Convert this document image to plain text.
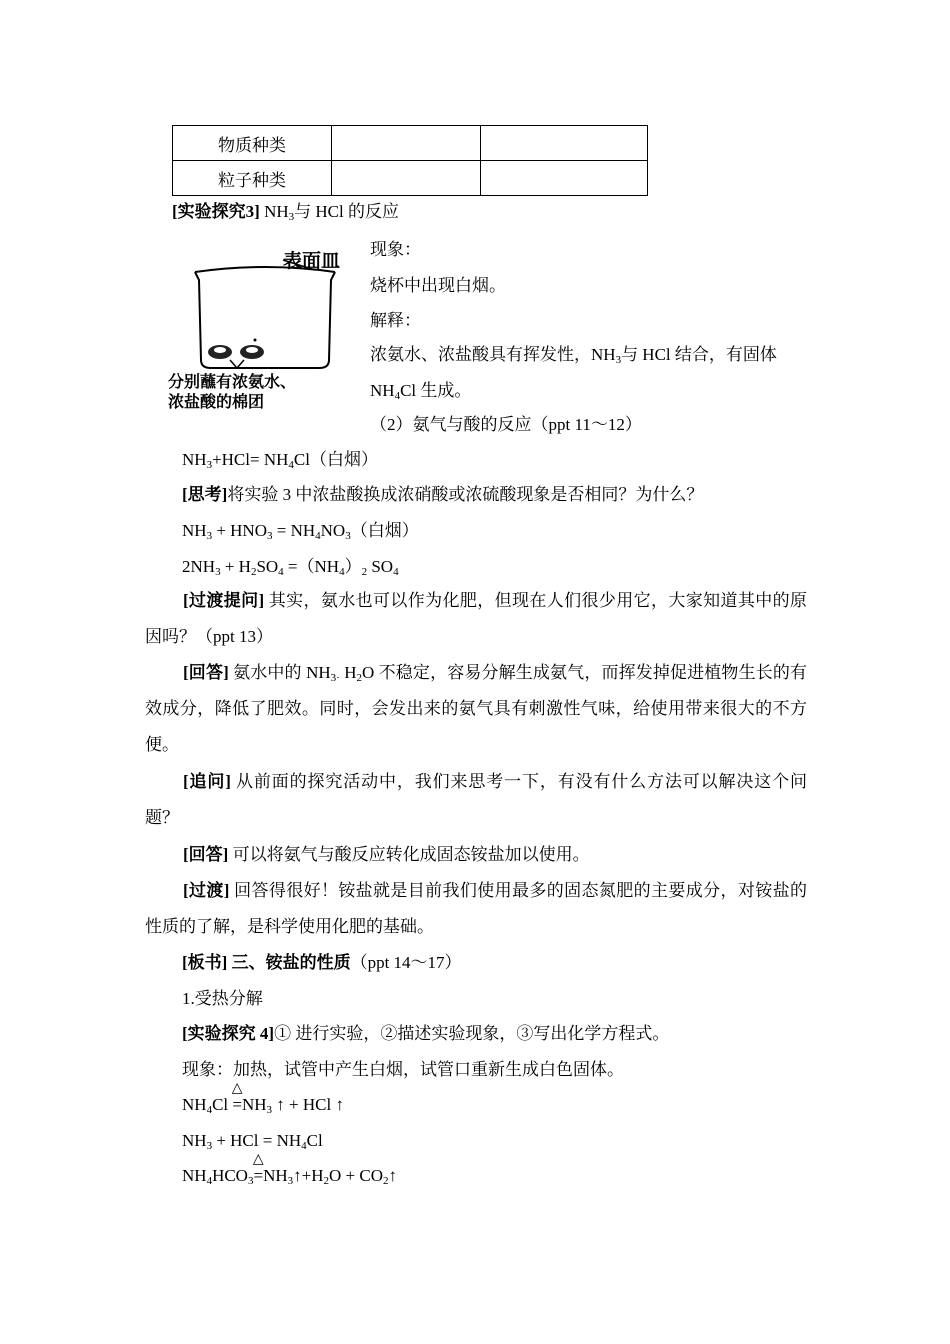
物质种类		
粒子种类		
[实验探究3] $NH_3$与 HCl 的反应
表面皿
分别蘸有浓氨水、
浓盐酸的棉团
现象：
烧杯中出现白烟。
解释：
浓氨水、浓盐酸具有挥发性，$NH_3$与 HCl 结合，有固体
$NH_4Cl$ 生成。
（2）氨气与酸的反应（ppt 11～12）
$NH_3+HCl= NH_4Cl$（白烟）
[思考]将实验 3 中浓盐酸换成浓硝酸或浓硫酸现象是否相同？为什么？
$NH_3 + HNO_3 = NH_4NO_3$（白烟）
$2NH_3 + H_2SO_4 =(NH_4)_2$ $SO_4$
[过渡提问] 其实，氨水也可以作为化肥，但现在人们很少用它，大家知道其中的原因吗？（ppt 13）
[回答] 氨水中的 $NH_{3\cdot}$ $H_2O$ 不稳定，容易分解生成氨气，而挥发掉促进植物生长的有效成分，降低了肥效。同时，会发出来的氨气具有刺激性气味，给使用带来很大的不方便。
[追问] 从前面的探究活动中，我们来思考一下，有没有什么方法可以解决这个问题？
[回答] 可以将氨气与酸反应转化成固态铵盐加以使用。
[过渡] 回答得很好！铵盐就是目前我们使用最多的固态氮肥的主要成分，对铵盐的性质的了解，是科学使用化肥的基础。
[板书] 三、铵盐的性质（ppt 14～17）
1.受热分解
[实验探究 4]① 进行实验，②描述实验现象，③写出化学方程式。
现象：加热，试管中产生白烟，试管口重新生成白色固体。
$NH_4Cl$
△
$=NH_3$ ↑ + HCl ↑
$NH_3$ + HCl = $NH_4Cl$
$NH_4HCO_3$
△
$=NH_3↑+H_2O$ + $CO_2↑$
